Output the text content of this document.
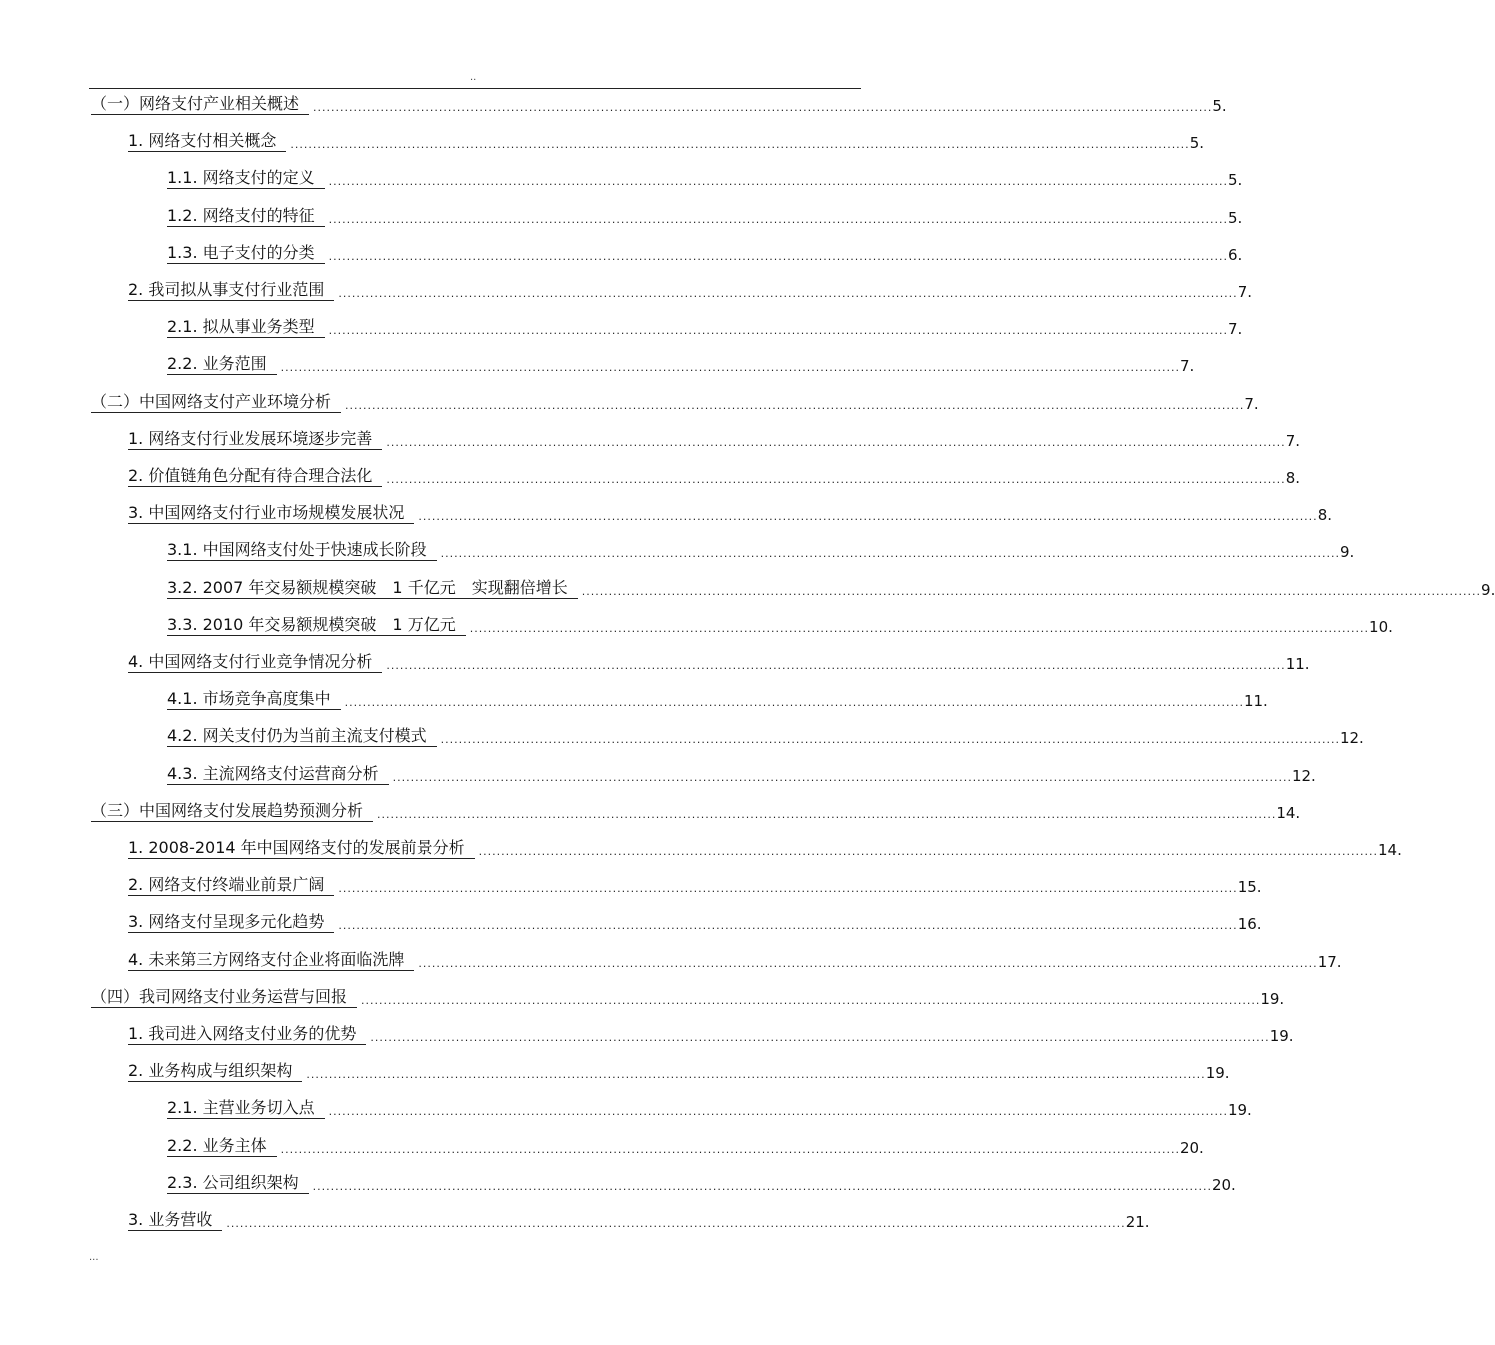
..
（一）网络支付产业相关概述	........................................................................................................................................................................................................ 5.
1. 网络支付相关概念	........................................................................................................................................................................................................ 5.
1.1. 网络支付的定义	........................................................................................................................................................................................................ 5.
1.2. 网络支付的特征	........................................................................................................................................................................................................ 5.
1.3. 电子支付的分类	........................................................................................................................................................................................................ 6.
2. 我司拟从事支付行业范围	........................................................................................................................................................................................................ 7.
2.1. 拟从事业务类型	........................................................................................................................................................................................................ 7.
2.2. 业务范围	........................................................................................................................................................................................................ 7.
（二）中国网络支付产业环境分析	........................................................................................................................................................................................................ 7.
1. 网络支付行业发展环境逐步完善	........................................................................................................................................................................................................ 7.
2. 价值链角色分配有待合理合法化	........................................................................................................................................................................................................ 8.
3. 中国网络支付行业市场规模发展状况	........................................................................................................................................................................................................ 8.
3.1. 中国网络支付处于快速成长阶段	........................................................................................................................................................................................................ 9.
3.2. 2007 年交易额规模突破　1 千亿元　实现翻倍增长	........................................................................................................................................................................................................ 9.
3.3. 2010 年交易额规模突破　1 万亿元	........................................................................................................................................................................................................ 10.
4. 中国网络支付行业竞争情况分析	........................................................................................................................................................................................................ 11.
4.1. 市场竞争高度集中	........................................................................................................................................................................................................ 11.
4.2. 网关支付仍为当前主流支付模式	........................................................................................................................................................................................................ 12.
4.3. 主流网络支付运营商分析	........................................................................................................................................................................................................ 12.
（三）中国网络支付发展趋势预测分析	........................................................................................................................................................................................................ 14.
1. 2008-2014 年中国网络支付的发展前景分析	........................................................................................................................................................................................................ 14.
2. 网络支付终端业前景广阔	........................................................................................................................................................................................................ 15.
3. 网络支付呈现多元化趋势	........................................................................................................................................................................................................ 16.
4. 未来第三方网络支付企业将面临洗牌	........................................................................................................................................................................................................ 17.
（四）我司网络支付业务运营与回报	........................................................................................................................................................................................................ 19.
1. 我司进入网络支付业务的优势	........................................................................................................................................................................................................ 19.
2. 业务构成与组织架构	........................................................................................................................................................................................................ 19.
2.1. 主营业务切入点	........................................................................................................................................................................................................ 19.
2.2. 业务主体	........................................................................................................................................................................................................ 20.
2.3. 公司组织架构	........................................................................................................................................................................................................ 20.
3. 业务营收	........................................................................................................................................................................................................ 21.
...
